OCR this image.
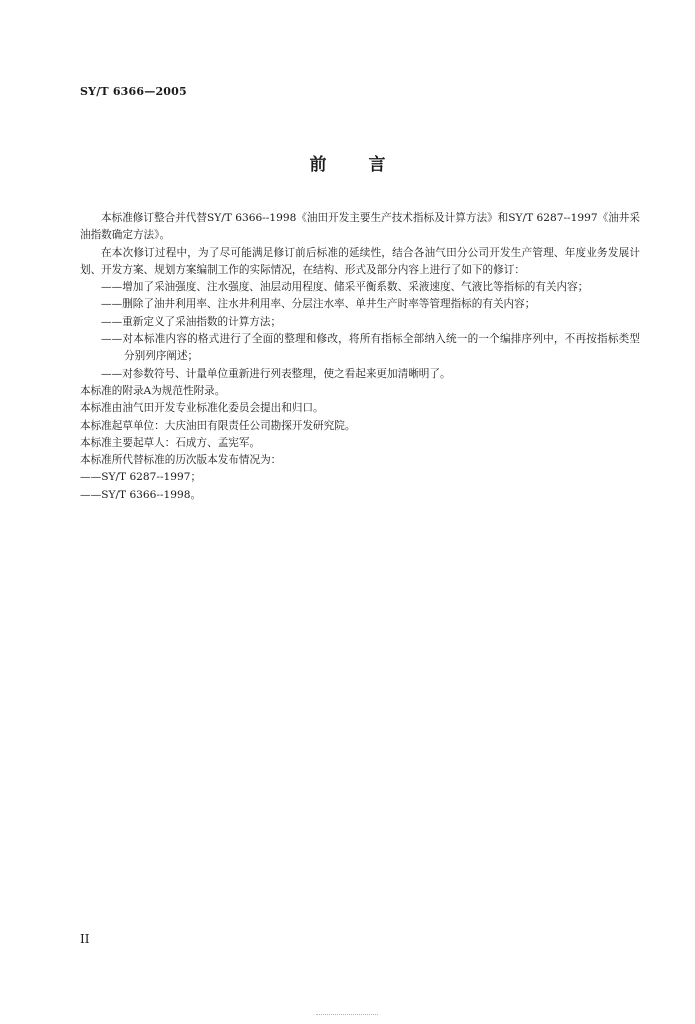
SY/T 6366—2005
前言

本标准修订整合并代替SY/T 6366--1998《油田开发主要生产技术指标及计算方法》和SY/T 6287--1997《油井采油指数确定方法》。

在本次修订过程中，为了尽可能满足修订前后标准的延续性，结合各油气田分公司开发生产管理、年度业务发展计划、开发方案、规划方案编制工作的实际情况，在结构、形式及部分内容上进行了如下的修订：

——增加了采油强度、注水强度、油层动用程度、储采平衡系数、采液速度、气液比等指标的有关内容；

——删除了油井利用率、注水井利用率、分层注水率、单井生产时率等管理指标的有关内容；

——重新定义了采油指数的计算方法；

——对本标准内容的格式进行了全面的整理和修改，将所有指标全部纳入统一的一个编排序列中，不再按指标类型分别列序阐述；

——对参数符号、计量单位重新进行列表整理，使之看起来更加清晰明了。

本标准的附录A为规范性附录。

本标准由油气田开发专业标准化委员会提出和归口。

本标准起草单位：大庆油田有限责任公司勘探开发研究院。

本标准主要起草人：石成方、孟宪军。

本标准所代替标准的历次版本发布情况为：

——SY/T 6287--1997；

——SY/T 6366--1998。

II
